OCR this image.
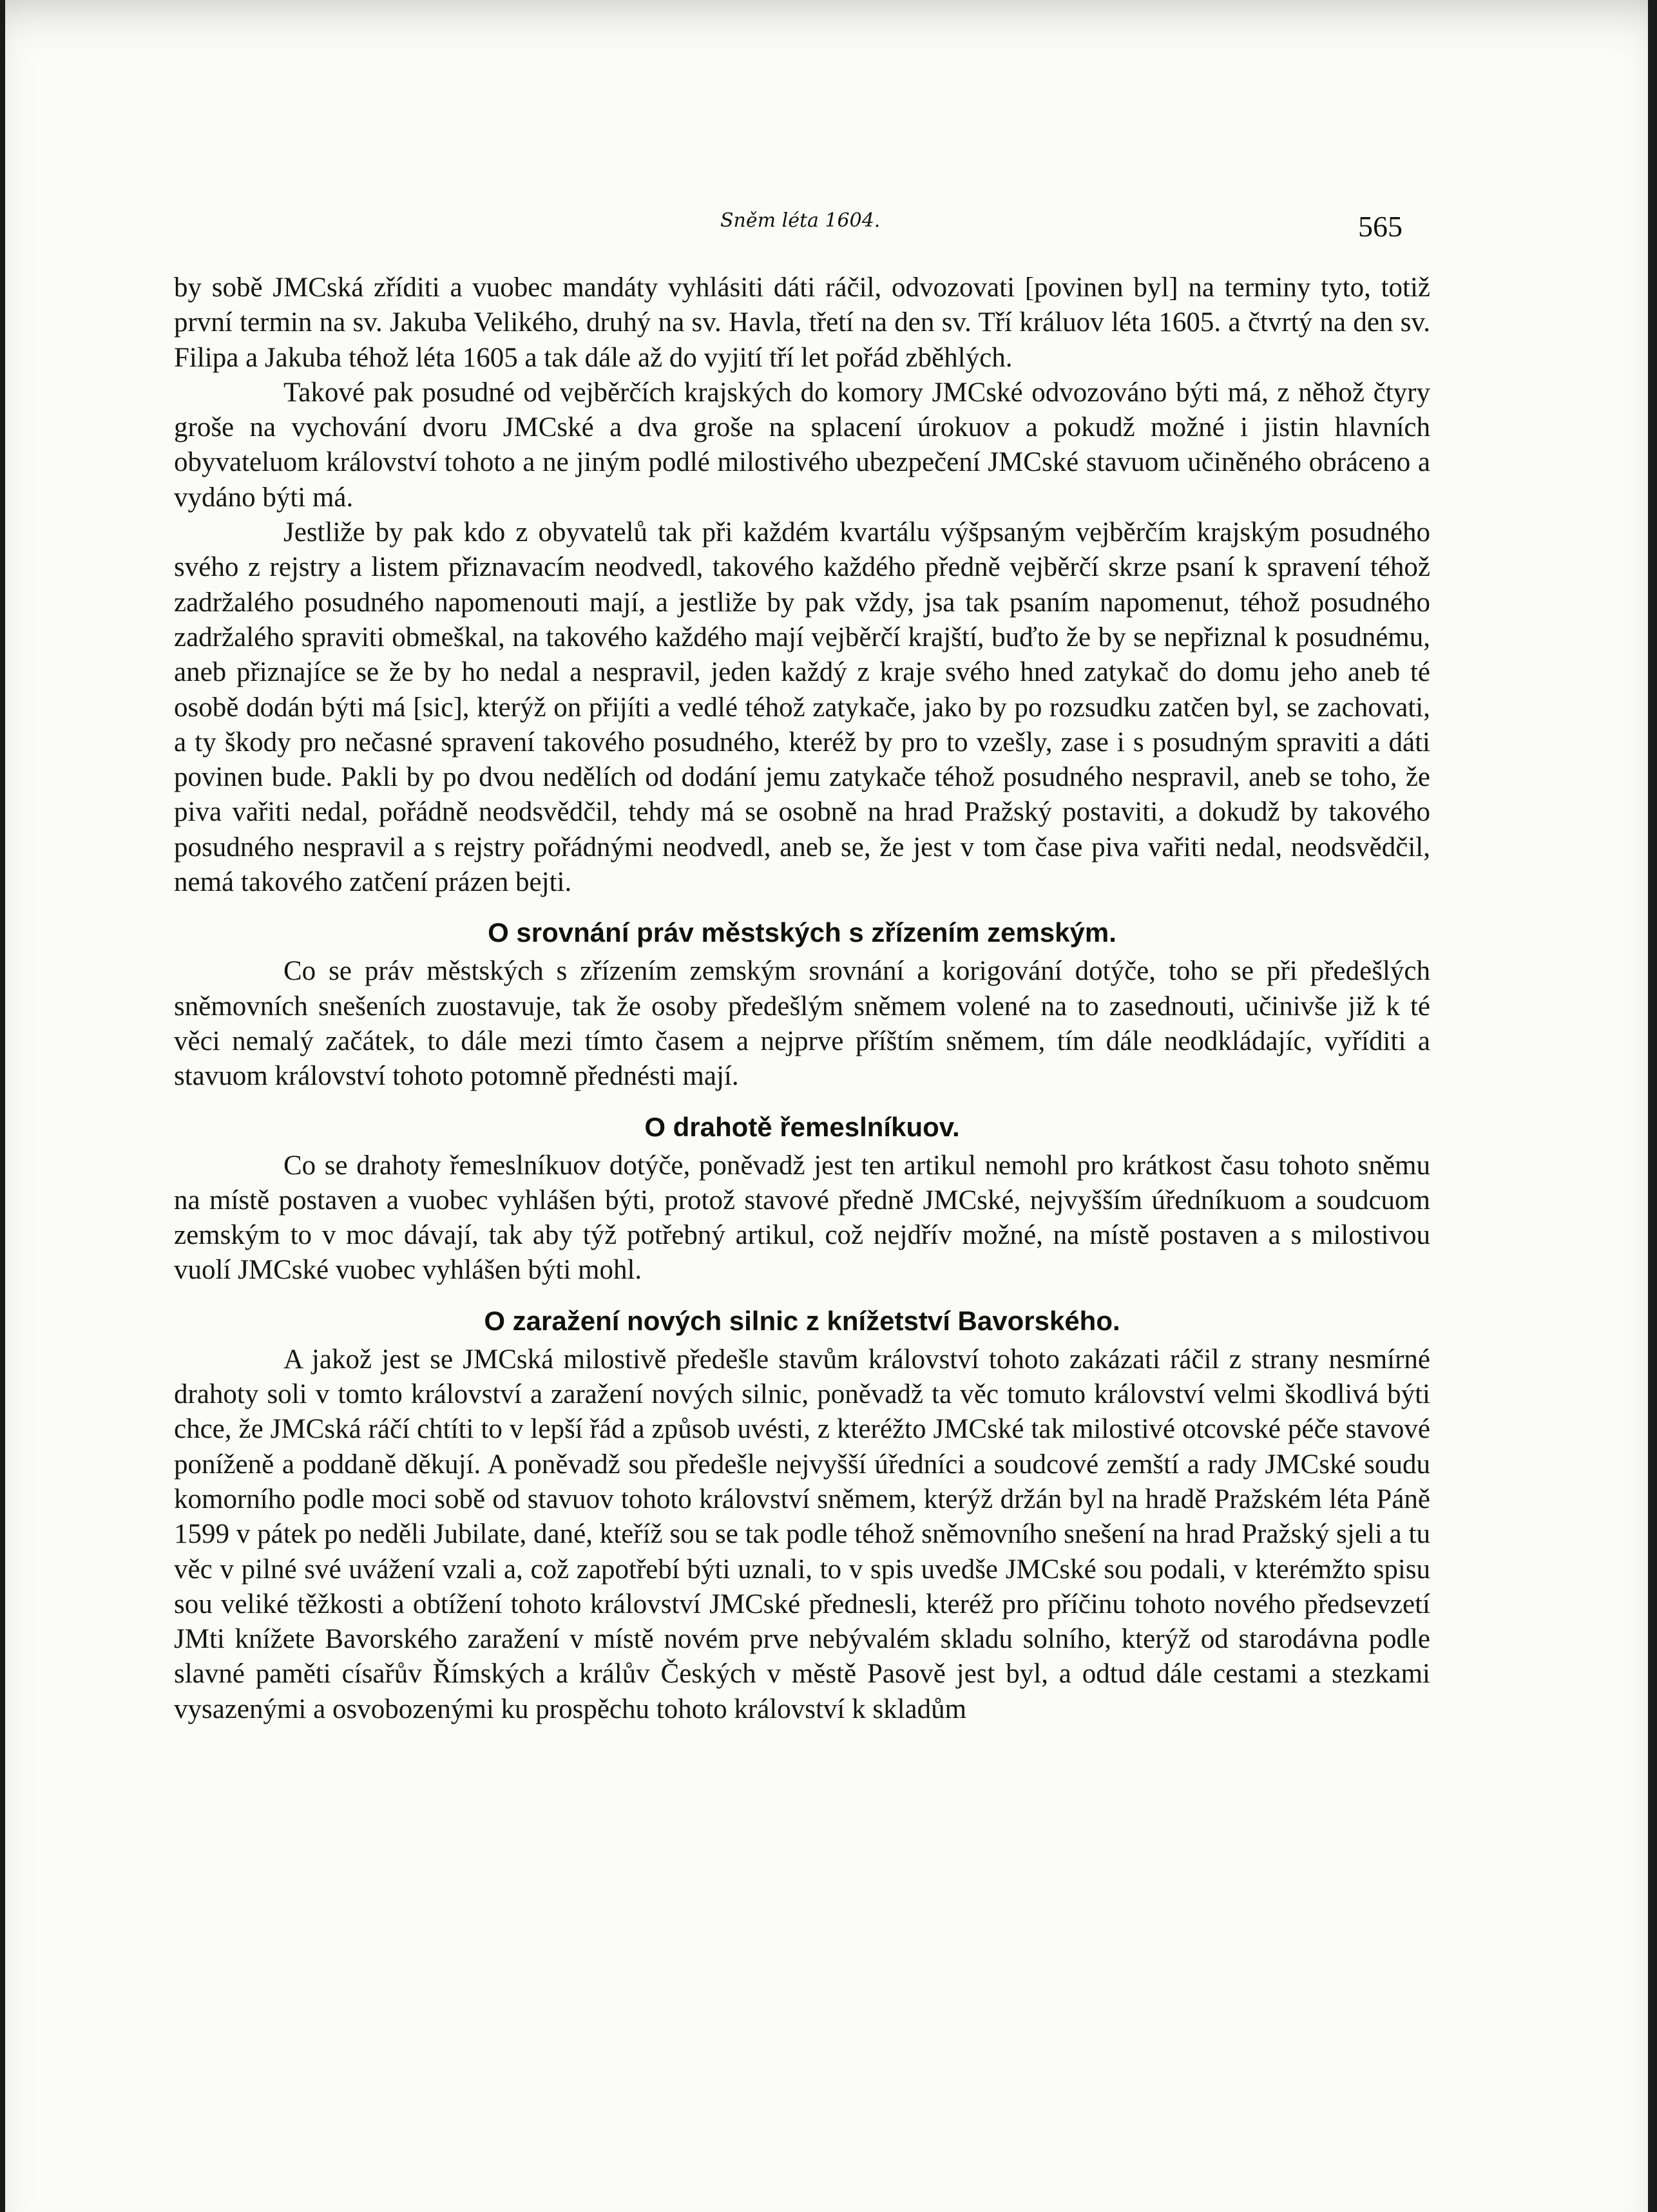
Sněm léta 1604.	565

by sobě JMCská zříditi a vuobec mandáty vyhlásiti dáti ráčil, odvozovati [povinen byl] na terminy tyto, totiž první termin na sv. Jakuba Velikého, druhý na sv. Havla, třetí na den sv. Tří králuov léta 1605. a čtvrtý na den sv. Filipa a Jakuba téhož léta 1605 a tak dále až do vyjití tří let pořád zběhlých.

Takové pak posudné od vejběrčích krajských do komory JMCské odvozováno býti má, z něhož čtyry groše na vychování dvoru JMCské a dva groše na splacení úrokuov a pokudž možné i jistin hlavních obyvateluom království tohoto a ne jiným podlé milostivého ubezpečení JMCské stavuom učiněného obráceno a vydáno býti má.

Jestliže by pak kdo z obyvatelů tak při každém kvartálu výšpsaným vejběrčím krajským posudného svého z rejstry a listem přiznavacím neodvedl, takového každého předně vejběrčí skrze psaní k spravení téhož zadržalého posudného napomenouti mají, a jestliže by pak vždy, jsa tak psaním napomenut, téhož posudného zadržalého spraviti obmeškal, na takového každého mají vejběrčí krajští, buďto že by se nepřiznal k posudnému, aneb přiznajíce se že by ho nedal a nespravil, jeden každý z kraje svého hned zatykač do domu jeho aneb té osobě dodán býti má [sic], kterýž on přijíti a vedlé téhož zatykače, jako by po rozsudku zatčen byl, se zachovati, a ty škody pro nečasné spravení takového posudného, kteréž by pro to vzešly, zase i s posudným spraviti a dáti povinen bude. Pakli by po dvou nedělích od dodání jemu zatykače téhož posudného nespravil, aneb se toho, že piva vařiti nedal, pořádně neodsvědčil, tehdy má se osobně na hrad Pražský postaviti, a dokudž by takového posudného nespravil a s rejstry pořádnými neodvedl, aneb se, že jest v tom čase piva vařiti nedal, neodsvědčil, nemá takového zatčení prázen bejti.

O srovnání práv městských s zřízením zemským.

Co se práv městských s zřízením zemským srovnání a korigování dotýče, toho se při předešlých sněmovních snešeních zuostavuje, tak že osoby předešlým sněmem volené na to zasednouti, učinivše již k té věci nemalý začátek, to dále mezi tímto časem a nejprve příštím sněmem, tím dále neodkládajíc, vyříditi a stavuom království tohoto potomně přednésti mají.

O drahotě řemeslníkuov.

Co se drahoty řemeslníkuov dotýče, poněvadž jest ten artikul nemohl pro krátkost času tohoto sněmu na místě postaven a vuobec vyhlášen býti, protož stavové předně JMCské, nejvyšším úředníkuom a soudcuom zemským to v moc dávají, tak aby týž potřebný artikul, což nejdřív možné, na místě postaven a s milostivou vuolí JMCské vuobec vyhlášen býti mohl.

O zaražení nových silnic z knížetství Bavorského.

A jakož jest se JMCská milostivě předešle stavům království tohoto zakázati ráčil z strany nesmírné drahoty soli v tomto království a zaražení nových silnic, poněvadž ta věc tomuto království velmi škodlivá býti chce, že JMCská ráčí chtíti to v lepší řád a způsob uvésti, z kteréžto JMCské tak milostivé otcovské péče stavové poníženě a poddaně děkují. A poněvadž sou předešle nejvyšší úředníci a soudcové zemští a rady JMCské soudu komorního podle moci sobě od stavuov tohoto království sněmem, kterýž držán byl na hradě Pražském léta Páně 1599 v pátek po neděli Jubilate, dané, kteříž sou se tak podle téhož sněmovního snešení na hrad Pražský sjeli a tu věc v pilné své uvážení vzali a, což zapotřebí býti uznali, to v spis uvedše JMCské sou podali, v kterémžto spisu sou veliké těžkosti a obtížení tohoto království JMCské přednesli, kteréž pro příčinu tohoto nového předsevzetí JMti knížete Bavorského zaražení v místě novém prve nebývalém skladu solního, kterýž od starodávna podle slavné paměti císařův Římských a králův Českých v městě Pasově jest byl, a odtud dále cestami a stezkami vysazenými a osvobozenými ku prospěchu tohoto království k skladům
